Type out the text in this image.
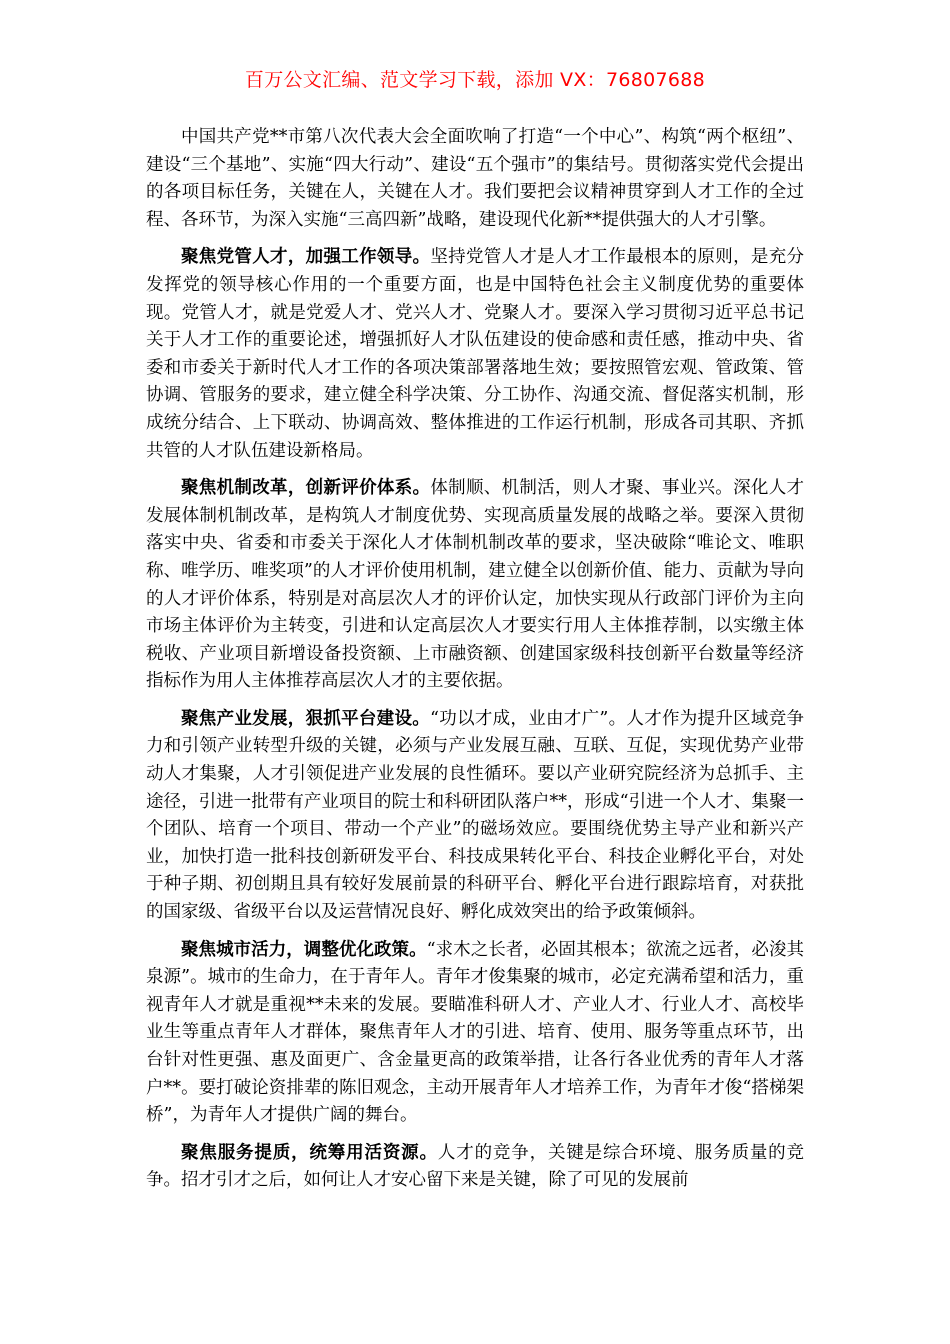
百万公文汇编、范文学习下载，添加 VX：76807688

中国共产党**市第八次代表大会全面吹响了打造“一个中心”、构筑“两个枢纽”、建设“三个基地”、实施“四大行动”、建设“五个强市”的集结号。贯彻落实党代会提出的各项目标任务，关键在人，关键在人才。我们要把会议精神贯穿到人才工作的全过程、各环节，为深入实施“三高四新”战略，建设现代化新**提供强大的人才引擎。

聚焦党管人才，加强工作领导。坚持党管人才是人才工作最根本的原则，是充分发挥党的领导核心作用的一个重要方面，也是中国特色社会主义制度优势的重要体现。党管人才，就是党爱人才、党兴人才、党聚人才。要深入学习贯彻习近平总书记关于人才工作的重要论述，增强抓好人才队伍建设的使命感和责任感，推动中央、省委和市委关于新时代人才工作的各项决策部署落地生效；要按照管宏观、管政策、管协调、管服务的要求，建立健全科学决策、分工协作、沟通交流、督促落实机制，形成统分结合、上下联动、协调高效、整体推进的工作运行机制，形成各司其职、齐抓共管的人才队伍建设新格局。

聚焦机制改革，创新评价体系。体制顺、机制活，则人才聚、事业兴。深化人才发展体制机制改革，是构筑人才制度优势、实现高质量发展的战略之举。要深入贯彻落实中央、省委和市委关于深化人才体制机制改革的要求，坚决破除“唯论文、唯职称、唯学历、唯奖项”的人才评价使用机制，建立健全以创新价值、能力、贡献为导向的人才评价体系，特别是对高层次人才的评价认定，加快实现从行政部门评价为主向市场主体评价为主转变，引进和认定高层次人才要实行用人主体推荐制，以实缴主体税收、产业项目新增设备投资额、上市融资额、创建国家级科技创新平台数量等经济指标作为用人主体推荐高层次人才的主要依据。

聚焦产业发展，狠抓平台建设。“功以才成，业由才广”。人才作为提升区域竞争力和引领产业转型升级的关键，必须与产业发展互融、互联、互促，实现优势产业带动人才集聚，人才引领促进产业发展的良性循环。要以产业研究院经济为总抓手、主途径，引进一批带有产业项目的院士和科研团队落户**，形成“引进一个人才、集聚一个团队、培育一个项目、带动一个产业”的磁场效应。要围绕优势主导产业和新兴产业，加快打造一批科技创新研发平台、科技成果转化平台、科技企业孵化平台，对处于种子期、初创期且具有较好发展前景的科研平台、孵化平台进行跟踪培育，对获批的国家级、省级平台以及运营情况良好、孵化成效突出的给予政策倾斜。

聚焦城市活力，调整优化政策。“求木之长者，必固其根本；欲流之远者，必浚其泉源”。城市的生命力，在于青年人。青年才俊集聚的城市，必定充满希望和活力，重视青年人才就是重视**未来的发展。要瞄准科研人才、产业人才、行业人才、高校毕业生等重点青年人才群体，聚焦青年人才的引进、培育、使用、服务等重点环节，出台针对性更强、惠及面更广、含金量更高的政策举措，让各行各业优秀的青年人才落户**。要打破论资排辈的陈旧观念，主动开展青年人才培养工作，为青年才俊“搭梯架桥”，为青年人才提供广阔的舞台。

聚焦服务提质，统筹用活资源。人才的竞争，关键是综合环境、服务质量的竞争。招才引才之后，如何让人才安心留下来是关键，除了可见的发展前
